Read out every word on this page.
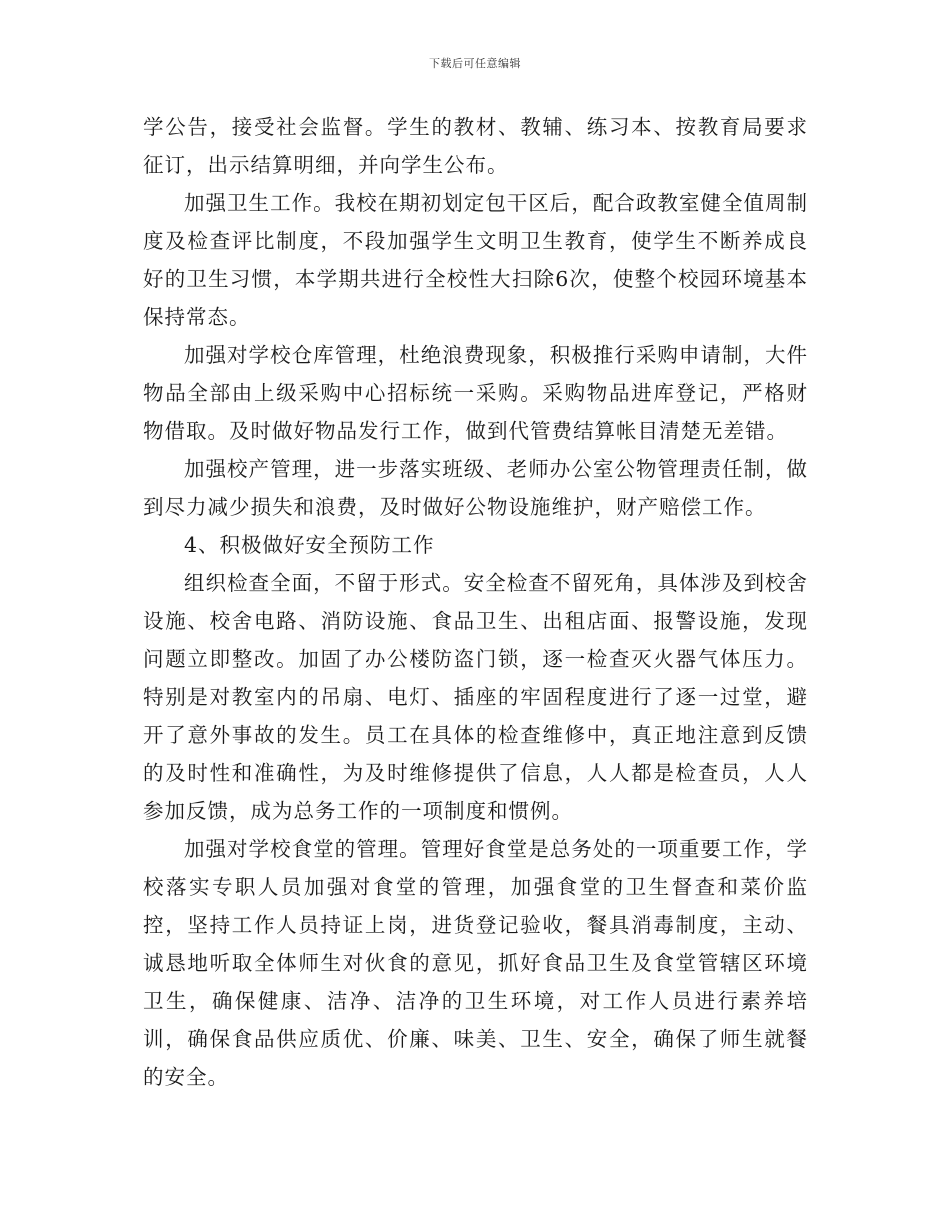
下载后可任意编辑

学公告，接受社会监督。学生的教材、教辅、练习本、按教育局要求征订，出示结算明细，并向学生公布。

加强卫生工作。我校在期初划定包干区后，配合政教室健全值周制度及检查评比制度，不段加强学生文明卫生教育，使学生不断养成良好的卫生习惯，本学期共进行全校性大扫除6次，使整个校园环境基本保持常态。

加强对学校仓库管理，杜绝浪费现象，积极推行采购申请制，大件物品全部由上级采购中心招标统一采购。采购物品进库登记，严格财物借取。及时做好物品发行工作，做到代管费结算帐目清楚无差错。

加强校产管理，进一步落实班级、老师办公室公物管理责任制，做到尽力减少损失和浪费，及时做好公物设施维护，财产赔偿工作。

4、积极做好安全预防工作

组织检查全面，不留于形式。安全检查不留死角，具体涉及到校舍设施、校舍电路、消防设施、食品卫生、出租店面、报警设施，发现问题立即整改。加固了办公楼防盗门锁，逐一检查灭火器气体压力。特别是对教室内的吊扇、电灯、插座的牢固程度进行了逐一过堂，避开了意外事故的发生。员工在具体的检查维修中，真正地注意到反馈的及时性和准确性，为及时维修提供了信息，人人都是检查员，人人参加反馈，成为总务工作的一项制度和惯例。

加强对学校食堂的管理。管理好食堂是总务处的一项重要工作，学校落实专职人员加强对食堂的管理，加强食堂的卫生督查和菜价监控，坚持工作人员持证上岗，进货登记验收，餐具消毒制度，主动、诚恳地听取全体师生对伙食的意见，抓好食品卫生及食堂管辖区环境卫生，确保健康、洁净、洁净的卫生环境，对工作人员进行素养培训，确保食品供应质优、价廉、味美、卫生、安全，确保了师生就餐的安全。
